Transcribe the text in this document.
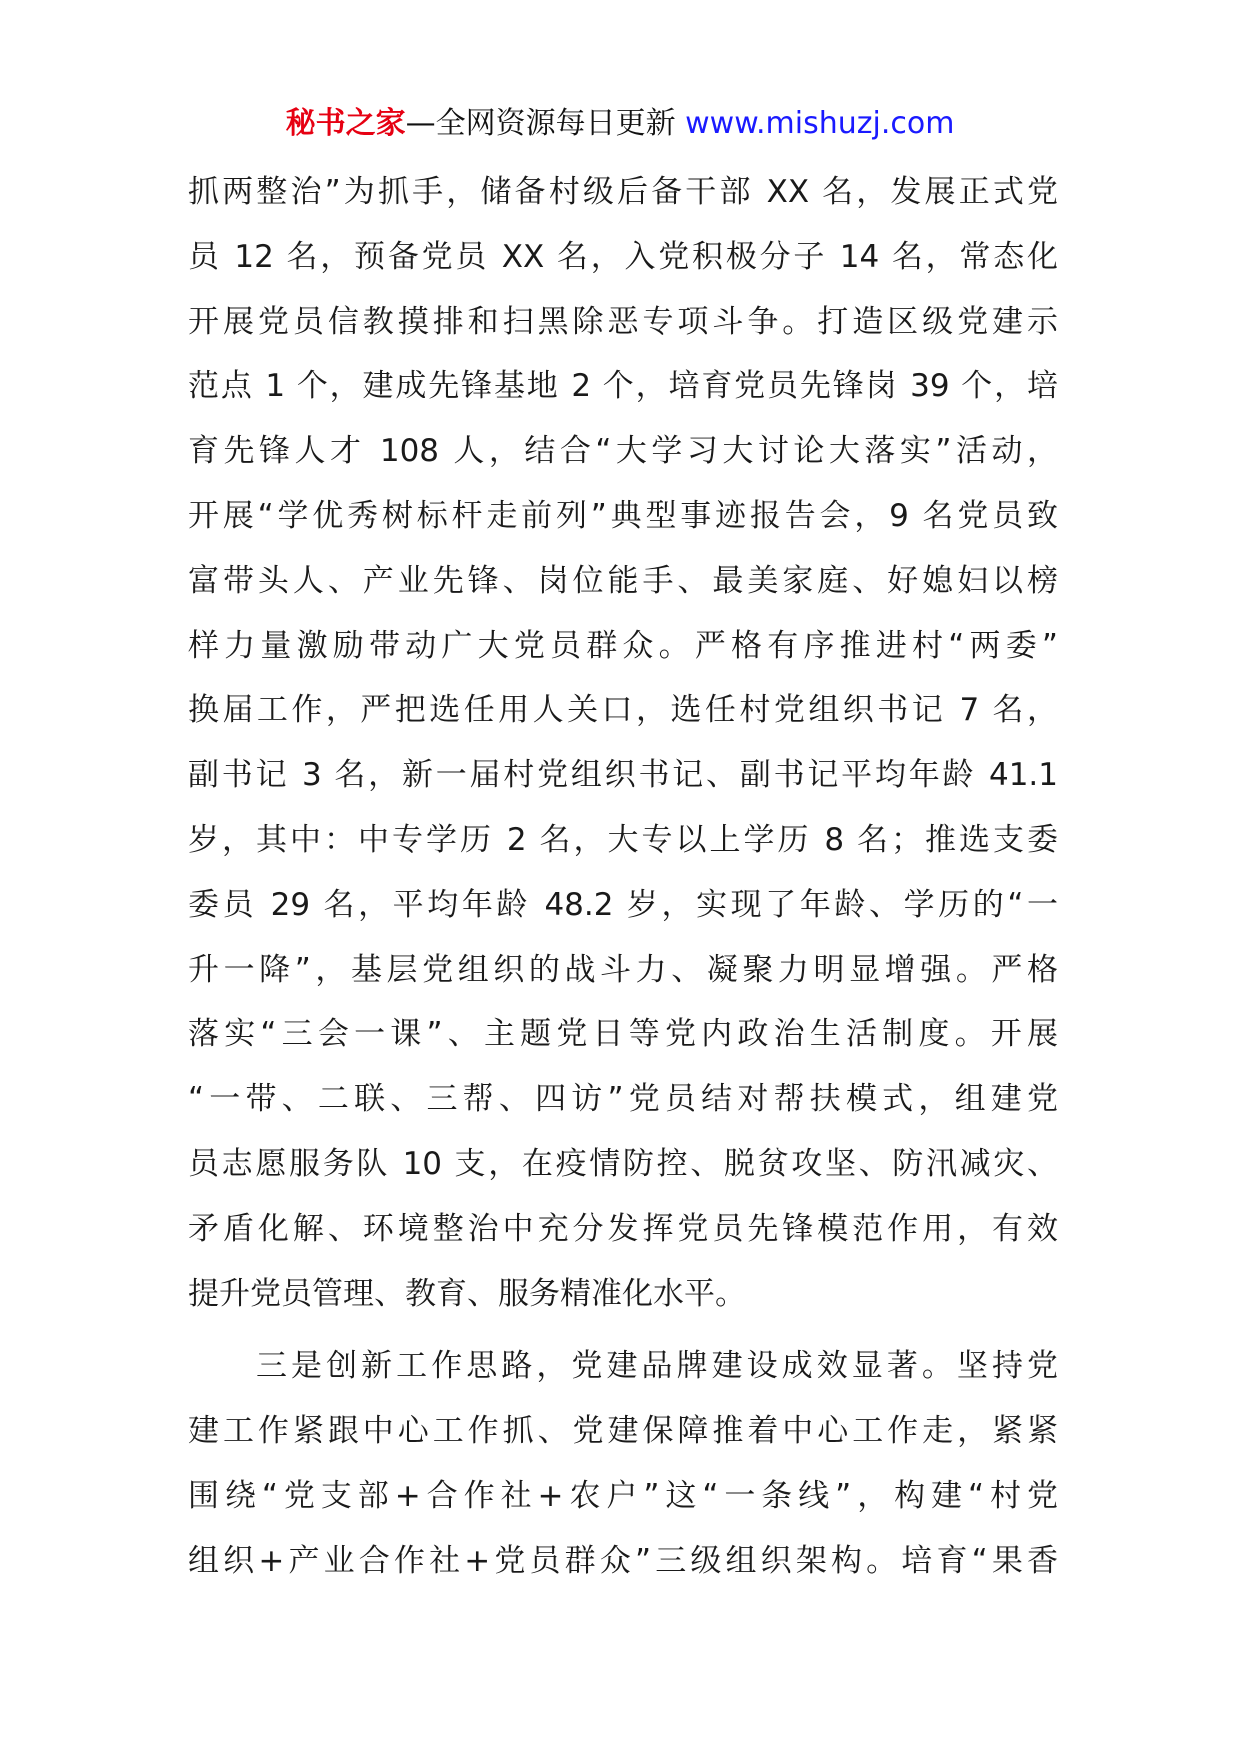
秘书之家—全网资源每日更新 www.mishuzj.com
抓两整治”为抓手，储备村级后备干部 XX 名，发展正式党
员 12 名，预备党员 XX 名，入党积极分子 14 名，常态化
开展党员信教摸排和扫黑除恶专项斗争。打造区级党建示
范点 1 个，建成先锋基地 2 个，培育党员先锋岗 39 个，培
育先锋人才 108 人，结合“大学习大讨论大落实”活动，
开展“学优秀树标杆走前列”典型事迹报告会，9 名党员致
富带头人、产业先锋、岗位能手、最美家庭、好媳妇以榜
样力量激励带动广大党员群众。严格有序推进村“两委”
换届工作，严把选任用人关口，选任村党组织书记 7 名，
副书记 3 名，新一届村党组织书记、副书记平均年龄 41.1
岁，其中：中专学历 2 名，大专以上学历 8 名；推选支委
委员 29 名，平均年龄 48.2 岁，实现了年龄、学历的“一
升一降”，基层党组织的战斗力、凝聚力明显增强。严格
落实“三会一课”、主题党日等党内政治生活制度。开展
“一带、二联、三帮、四访”党员结对帮扶模式，组建党
员志愿服务队 10 支，在疫情防控、脱贫攻坚、防汛减灾、
矛盾化解、环境整治中充分发挥党员先锋模范作用，有效
提升党员管理、教育、服务精准化水平。
三是创新工作思路，党建品牌建设成效显著。坚持党
建工作紧跟中心工作抓、党建保障推着中心工作走，紧紧
围绕“党支部+合作社+农户”这“一条线”，构建“村党
组织+产业合作社+党员群众”三级组织架构。培育“果香
